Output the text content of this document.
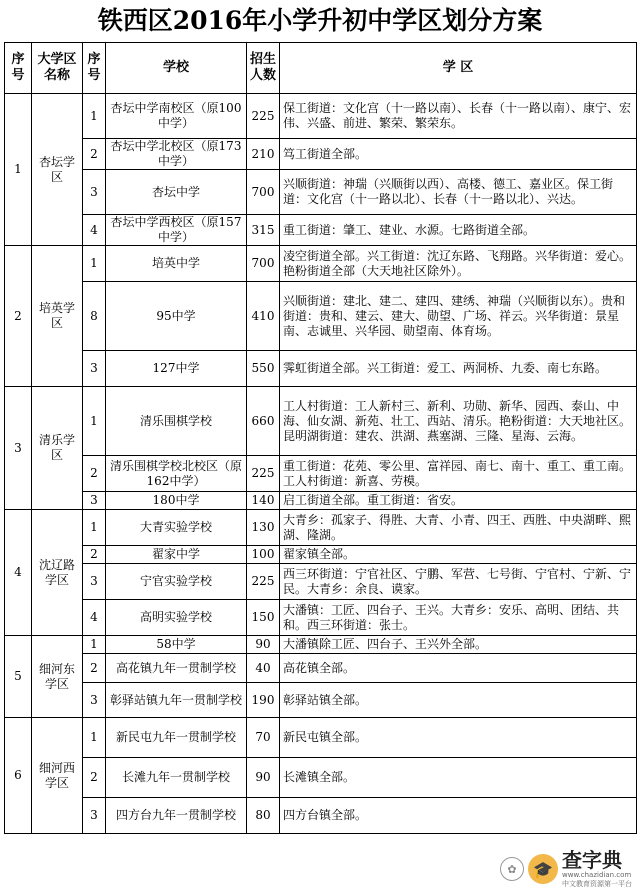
铁西区2016年小学升初中学区划分方案
序号	大学区名称	序号	学校	招生人数	学 区
1	杏坛学区	1	杏坛中学南校区（原100中学）	225	保工街道：文化宫（十一路以南）、长春（十一路以南）、康宁、宏伟、兴盛、前进、繁荣、繁荣东。
		2	杏坛中学北校区（原173中学）	210	笃工街道全部。
		3	杏坛中学	700	兴顺街道：神瑞（兴顺街以西）、高楼、德工、嘉业区。保工街道：文化宫（十一路以北）、长春（十一路以北）、兴达。
		4	杏坛中学西校区（原157中学）	315	重工街道：肇工、建业、水源。七路街道全部。
2	培英学区	1	培英中学	700	凌空街道全部。兴工街道：沈辽东路、飞翔路。兴华街道：爱心。艳粉街道全部（大天地社区除外）。
		8	95中学	410	兴顺街道：建北、建二、建四、建绣、神瑞（兴顺街以东）。贵和街道：贵和、建云、建大、勋望、广场、祥云。兴华街道：景星南、志诚里、兴华园、勋望南、体育场。
		3	127中学	550	霁虹街道全部。兴工街道：爱工、两洞桥、九委、南七东路。
3	清乐学区	1	清乐围棋学校	660	工人村街道：工人新村三、新利、功勋、新华、园西、泰山、中海、仙女湖、新苑、壮工、西站、清乐。艳粉街道：大天地社区。昆明湖街道：建农、洪湖、燕塞湖、三隆、星海、云海。
		2	清乐围棋学校北校区（原162中学）	225	重工街道：花苑、零公里、富祥园、南七、南十、重工、重工南。工人村街道：新喜、劳模。
		3	180中学	140	启工街道全部。重工街道：省安。
4	沈辽路学区	1	大青实验学校	130	大青乡：孤家子、得胜、大青、小青、四王、西胜、中央湖畔、熙湖、隆湖。
		2	翟家中学	100	翟家镇全部。
		3	宁官实验学校	225	西三环街道：宁官社区、宁鹏、军营、七号街、宁官村、宁新、宁民。大青乡：余良、谟家。
		4	高明实验学校	150	大潘镇：工匠、四台子、王兴。大青乡：安乐、高明、团结、共和。西三环街道：张士。
5	细河东学区	1	58中学	90	大潘镇除工匠、四台子、王兴外全部。
		2	高花镇九年一贯制学校	40	高花镇全部。
		3	彰驿站镇九年一贯制学校	190	彰驿站镇全部。
6	细河西学区	1	新民屯九年一贯制学校	70	新民屯镇全部。
		2	长滩九年一贯制学校	90	长滩镇全部。
		3	四方台九年一贯制学校	80	四方台镇全部。
✿	🎓 查字典
www.chazidian.com
中文教育资源第一平台
